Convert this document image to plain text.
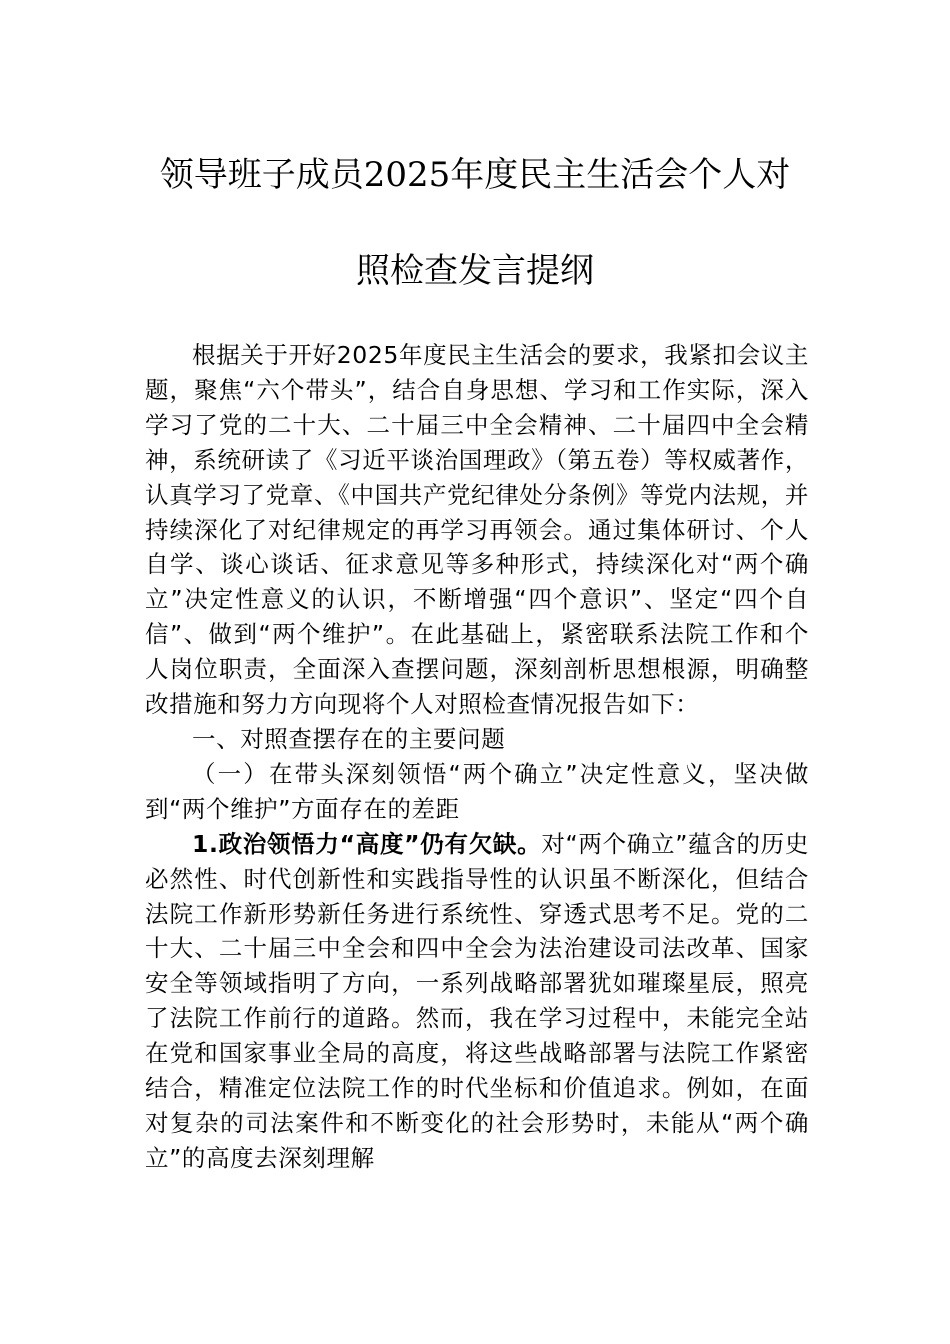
领导班子成员2025年度民主生活会个人对
照检查发言提纲

根据关于开好2025年度民主生活会的要求，我紧扣会议主题，聚焦“六个带头”，结合自身思想、学习和工作实际，深入学习了党的二十大、二十届三中全会精神、二十届四中全会精神，系统研读了《习近平谈治国理政》（第五卷）等权威著作，认真学习了党章、《中国共产党纪律处分条例》等党内法规，并持续深化了对纪律规定的再学习再领会。通过集体研讨、个人自学、谈心谈话、征求意见等多种形式，持续深化对“两个确立”决定性意义的认识，不断增强“四个意识”、坚定“四个自信”、做到“两个维护”。在此基础上，紧密联系法院工作和个人岗位职责，全面深入查摆问题，深刻剖析思想根源，明确整改措施和努力方向现将个人对照检查情况报告如下：

一、对照查摆存在的主要问题

（一）在带头深刻领悟“两个确立”决定性意义，坚决做到“两个维护”方面存在的差距

1.政治领悟力“高度”仍有欠缺。对“两个确立”蕴含的历史必然性、时代创新性和实践指导性的认识虽不断深化，但结合法院工作新形势新任务进行系统性、穿透式思考不足。党的二十大、二十届三中全会和四中全会为法治建设司法改革、国家安全等领域指明了方向，一系列战略部署犹如璀璨星辰，照亮了法院工作前行的道路。然而，我在学习过程中，未能完全站在党和国家事业全局的高度，将这些战略部署与法院工作紧密结合，精准定位法院工作的时代坐标和价值追求。例如，在面对复杂的司法案件和不断变化的社会形势时，未能从“两个确立”的高度去深刻理解
